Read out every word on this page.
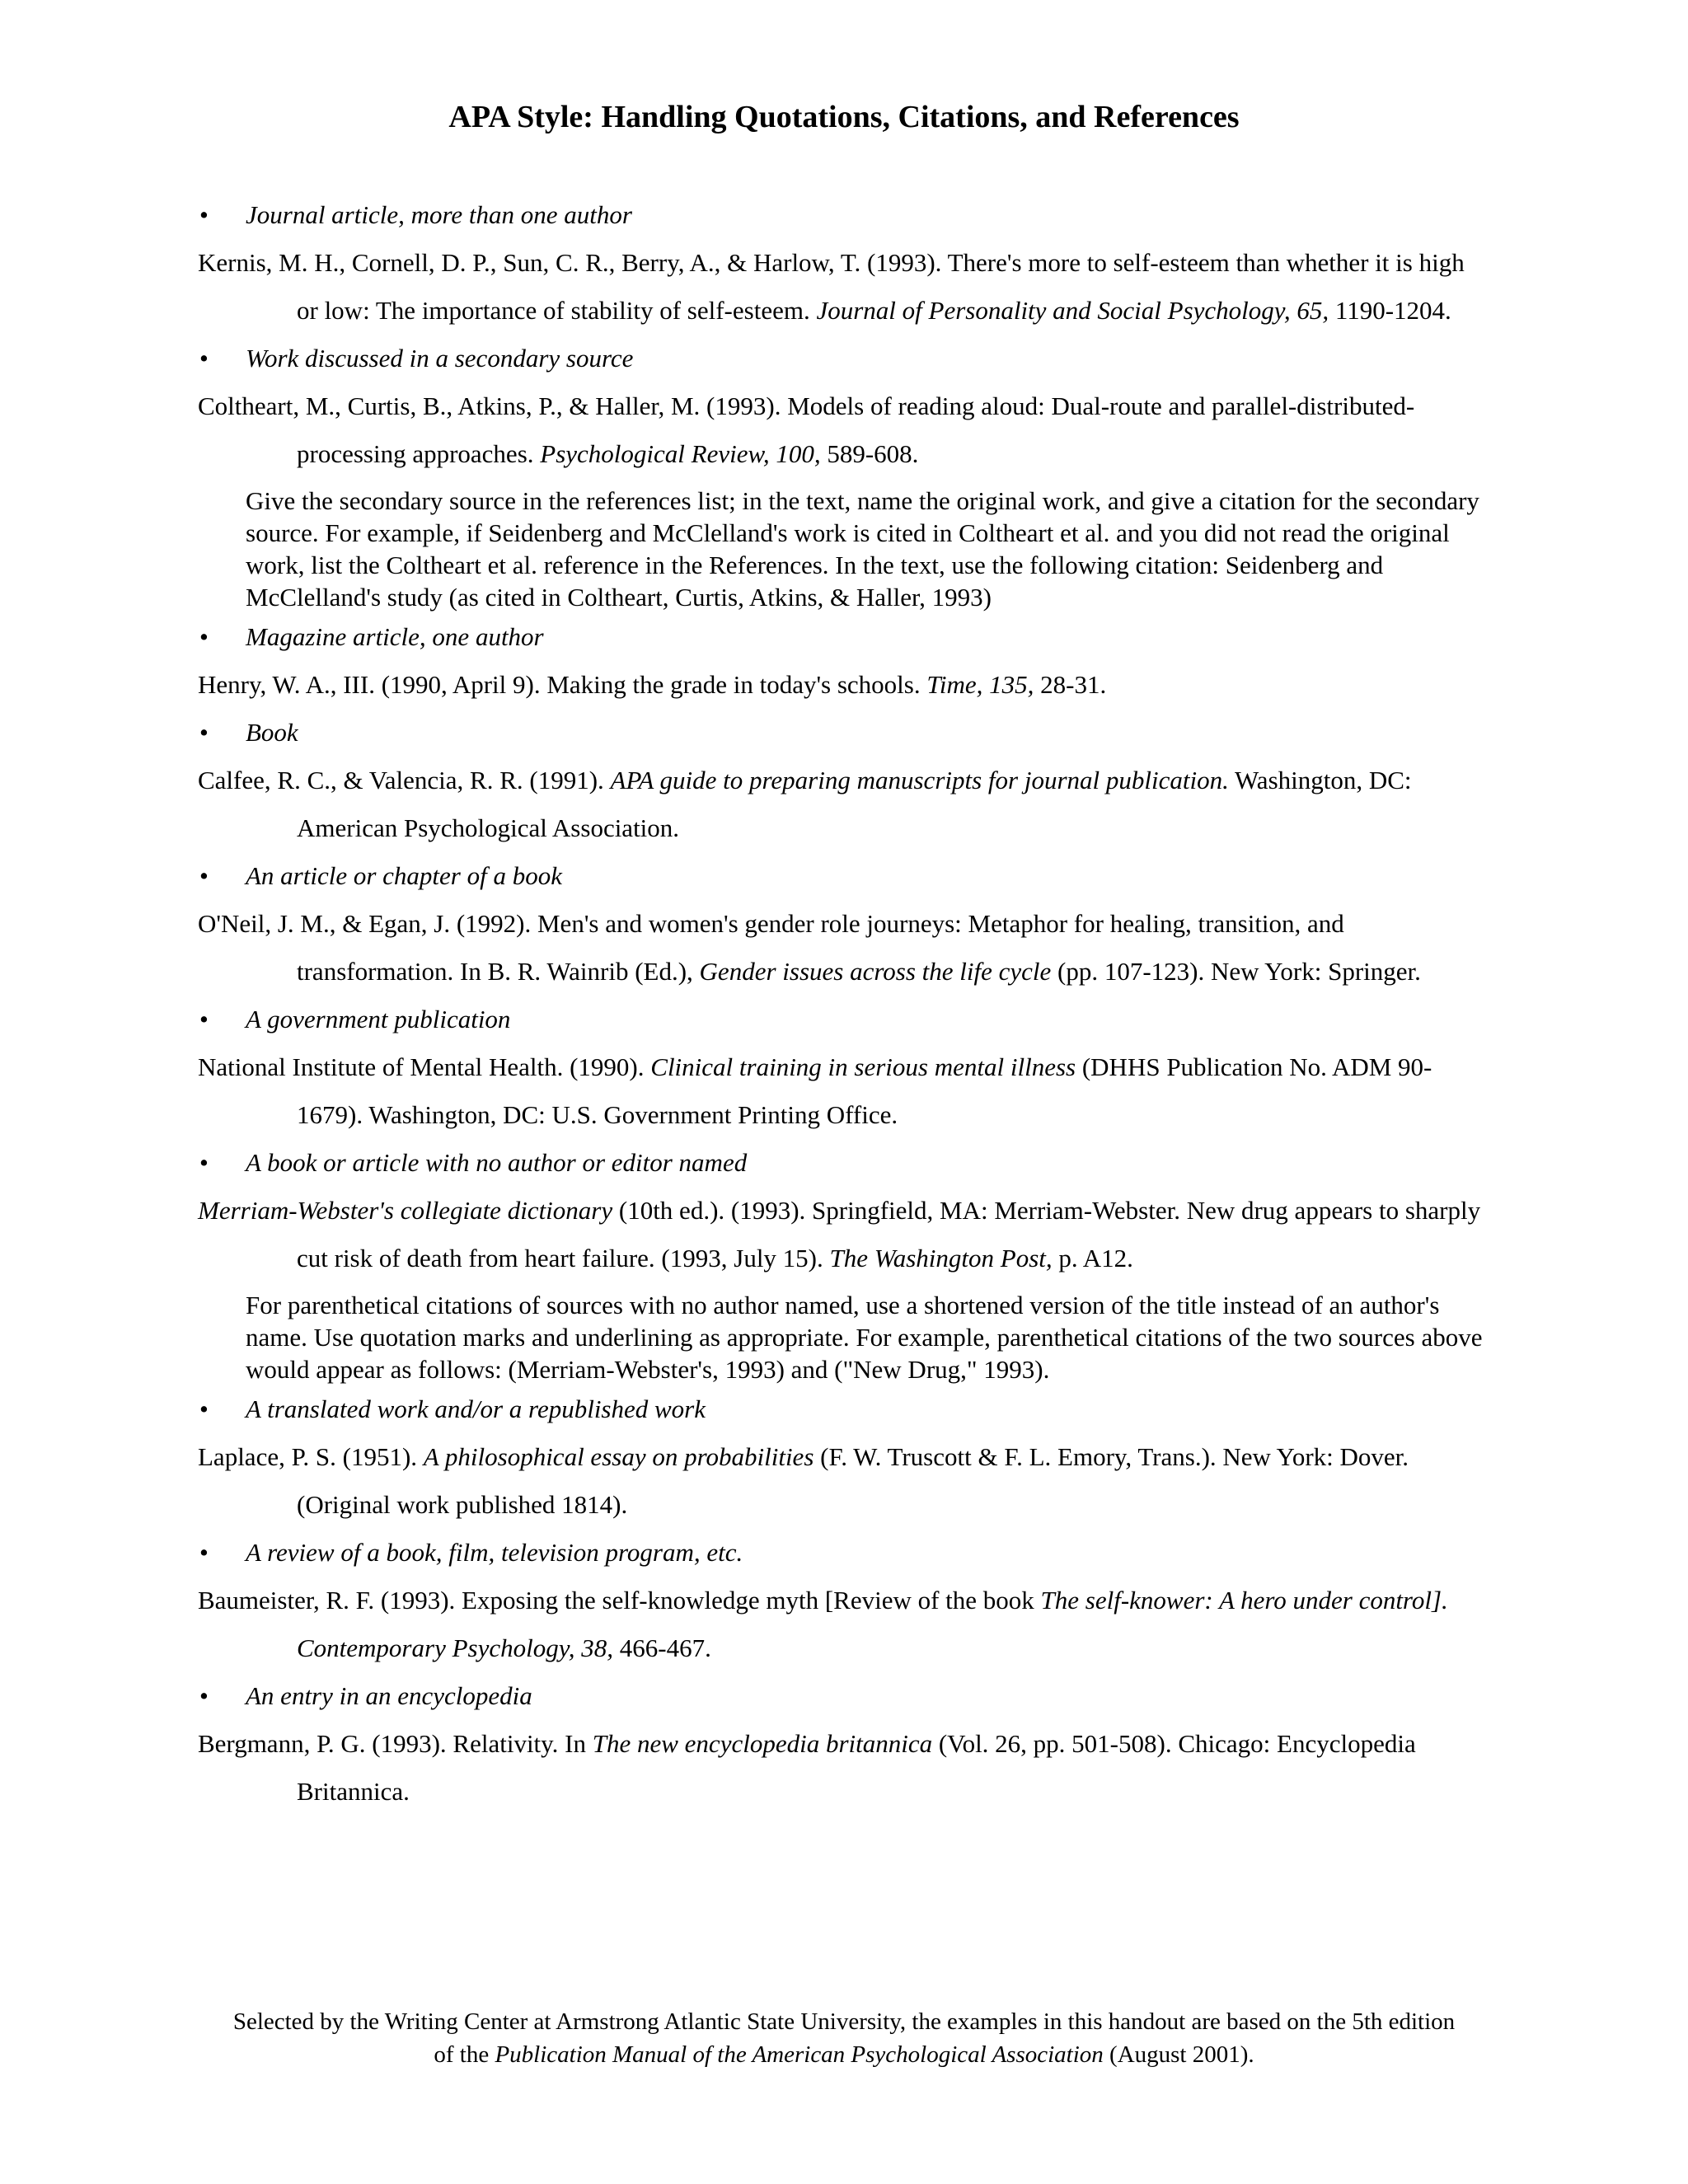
APA Style: Handling Quotations, Citations, and References
• Journal article, more than one author
Kernis, M. H., Cornell, D. P., Sun, C. R., Berry, A., & Harlow, T. (1993). There's more to self-esteem than whether it is high or low: The importance of stability of self-esteem. Journal of Personality and Social Psychology, 65, 1190-1204.
• Work discussed in a secondary source
Coltheart, M., Curtis, B., Atkins, P., & Haller, M. (1993). Models of reading aloud: Dual-route and parallel-distributed-processing approaches. Psychological Review, 100, 589-608.
Give the secondary source in the references list; in the text, name the original work, and give a citation for the secondary source. For example, if Seidenberg and McClelland's work is cited in Coltheart et al. and you did not read the original work, list the Coltheart et al. reference in the References. In the text, use the following citation: Seidenberg and McClelland's study (as cited in Coltheart, Curtis, Atkins, & Haller, 1993)
• Magazine article, one author
Henry, W. A., III. (1990, April 9). Making the grade in today's schools. Time, 135, 28-31.
• Book
Calfee, R. C., & Valencia, R. R. (1991). APA guide to preparing manuscripts for journal publication. Washington, DC: American Psychological Association.
• An article or chapter of a book
O'Neil, J. M., & Egan, J. (1992). Men's and women's gender role journeys: Metaphor for healing, transition, and transformation. In B. R. Wainrib (Ed.), Gender issues across the life cycle (pp. 107-123). New York: Springer.
• A government publication
National Institute of Mental Health. (1990). Clinical training in serious mental illness (DHHS Publication No. ADM 90-1679). Washington, DC: U.S. Government Printing Office.
• A book or article with no author or editor named
Merriam-Webster's collegiate dictionary (10th ed.). (1993). Springfield, MA: Merriam-Webster. New drug appears to sharply cut risk of death from heart failure. (1993, July 15). The Washington Post, p. A12.
For parenthetical citations of sources with no author named, use a shortened version of the title instead of an author's name. Use quotation marks and underlining as appropriate. For example, parenthetical citations of the two sources above would appear as follows: (Merriam-Webster's, 1993) and ("New Drug," 1993).
• A translated work and/or a republished work
Laplace, P. S. (1951). A philosophical essay on probabilities (F. W. Truscott & F. L. Emory, Trans.). New York: Dover. (Original work published 1814).
• A review of a book, film, television program, etc.
Baumeister, R. F. (1993). Exposing the self-knowledge myth [Review of the book The self-knower: A hero under control]. Contemporary Psychology, 38, 466-467.
• An entry in an encyclopedia
Bergmann, P. G. (1993). Relativity. In The new encyclopedia britannica (Vol. 26, pp. 501-508). Chicago: Encyclopedia Britannica.
Selected by the Writing Center at Armstrong Atlantic State University, the examples in this handout are based on the 5th edition
of the Publication Manual of the American Psychological Association (August 2001).
